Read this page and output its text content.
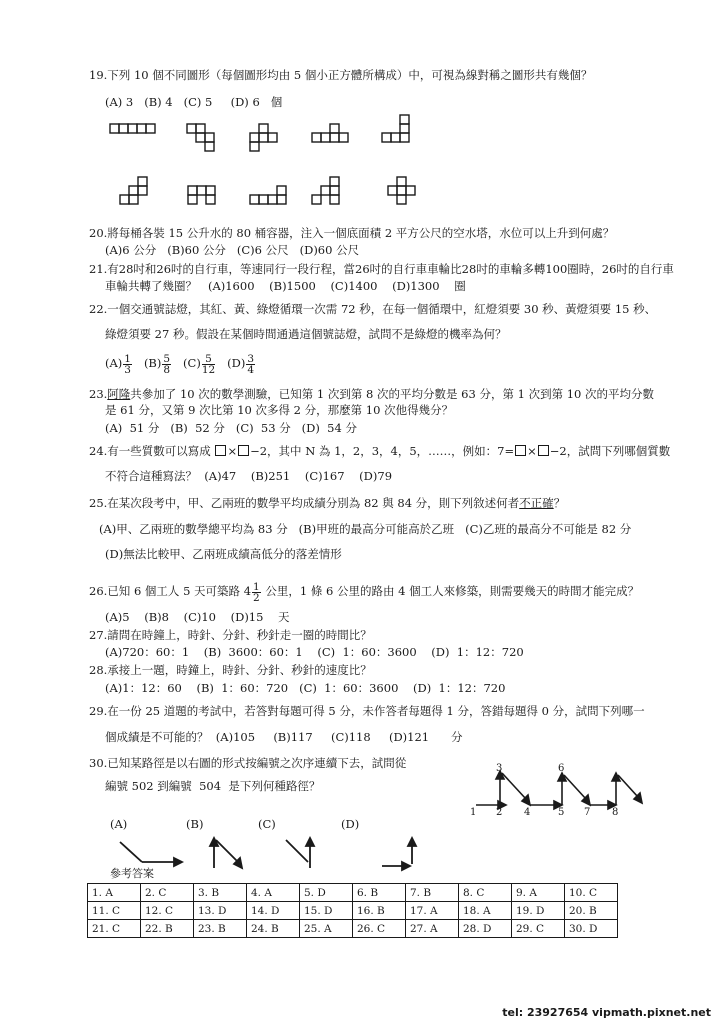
19.下列 10 個不同圖形（每個圖形均由 5 個小正方體所構成）中，可視為線對稱之圖形共有幾個？
(A) 3   (B) 4   (C) 5     (D) 6   個
20.將每桶各裝 15 公升水的 80 桶容器，注入一個底面積 2 平方公尺的空水塔，水位可以上升到何處？
(A)6 公分   (B)60 公分   (C)6 公尺   (D)60 公尺
21.有28吋和26吋的自行車，等速同行一段行程，當26吋的自行車車輪比28吋的車輪多轉100圈時，26吋的自行車
車輪共轉了幾圈？   (A)1600    (B)1500    (C)1400    (D)1300    圈
22.一個交通號誌燈，其紅、黃、綠燈循環一次需 72 秒，在每一個循環中，紅燈須要 30 秒、黃燈須要 15 秒、
綠燈須要 27 秒。假設在某個時間通過這個號誌燈，試問不是綠燈的機率為何？
$(A) \frac{1}{3} (B) \frac{5}{8} (C) \frac{5}{12} (D) \frac{3}{4}$
23.阿隆共參加了 10 次的數學測驗，已知第 1 次到第 8 次的平均分數是 63 分，第 1 次到第 10 次的平均分數
是 61 分，又第 9 次比第 10 次多得 2 分，那麼第 10 次他得幾分？
(A)  51 分   (B)  52 分   (C)  53 分   (D)  54 分
24.有一些質數可以寫成 × −2，其中 N 為 1，2，3，4，5，……，例如：7= × −2，試問下列哪個質數
不符合這種寫法？  (A)47    (B)251    (C)167    (D)79
25.在某次段考中，甲、乙兩班的數學平均成績分別為 82 與 84 分，則下列敘述何者不正確？
(A)甲、乙兩班的數學總平均為 83 分   (B)甲班的最高分可能高於乙班   (C)乙班的最高分不可能是 82 分
(D)無法比較甲、乙兩班成績高低分的落差情形
26.已知 6 個工人 5 天可築路 $4 \frac{1}{2}$ 公里，1 條 6 公里的路由 4 個工人來修築，則需要幾天的時間才能完成？
(A)5    (B)8    (C)10    (D)15    天
27.請問在時鐘上，時針、分針、秒針走一圈的時間比？
(A)720：60：1    (B)  3600：60：1    (C)  1：60：3600    (D)  1：12：720
28.承接上一題，時鐘上，時針、分針、秒針的速度比？
(A)1：12：60    (B)  1：60：720   (C)  1：60：3600    (D)  1：12：720
29.在一份 25 道題的考試中，若答對每題可得 5 分，未作答者每題得 1 分，答錯每題得 0 分，試問下列哪一
個成績是不可能的？  (A)105     (B)117     (C)118     (D)121      分
30.已知某路徑是以右圖的形式按編號之次序連續下去，試問從
編號 502 到編號  504  是下列何種路徑？
1 2
3
4	5
6
7 8
(A)	(B)	(C)	(D)
參考答案
1. A	2. C	3. B	4. A	5. D	6. B	7. B	8. C	9. A	10. C
11. C	12. C	13. D	14. D	15. D	16. B	17. A	18. A	19. D	20. B
21. C	22. B	23. B	24. B	25. A	26. C	27. A	28. D	29. C	30. D
tel: 23927654 vipmath.pixnet.net
